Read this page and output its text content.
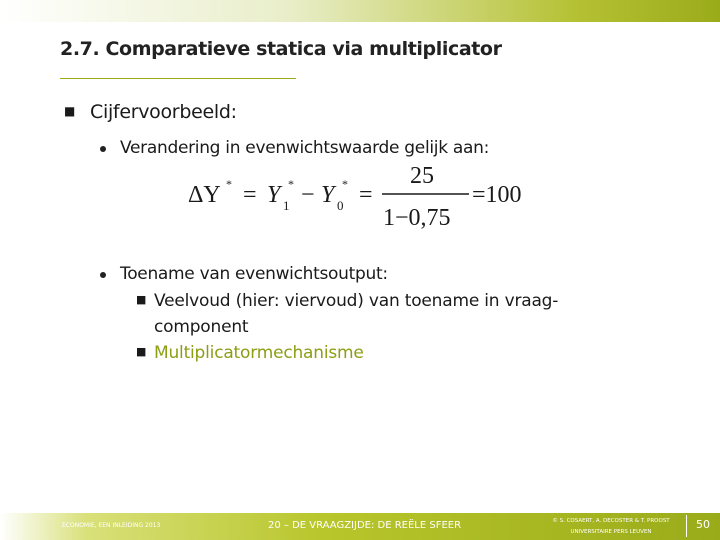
2.7. Comparatieve statica via multiplicator
■ Cijfervoorbeeld:
Verandering in evenwichtswaarde gelijk aan:
ΔY * = Y *
1 − Y *
0 =
25
1−0,75
=100
Toename van evenwichtsoutput:
■ Veelvoud (hier: viervoud) van toename in vraag-
component
■ Multiplicatormechanisme
ECONOMIE, EEN INLEIDING 2013	20 – DE VRAAGZIJDE: DE REËLE SFEER	© S. COSAERT, A. DECOSTER & T. PROOST
UNIVERSITAIRE PERS LEUVEN
50
